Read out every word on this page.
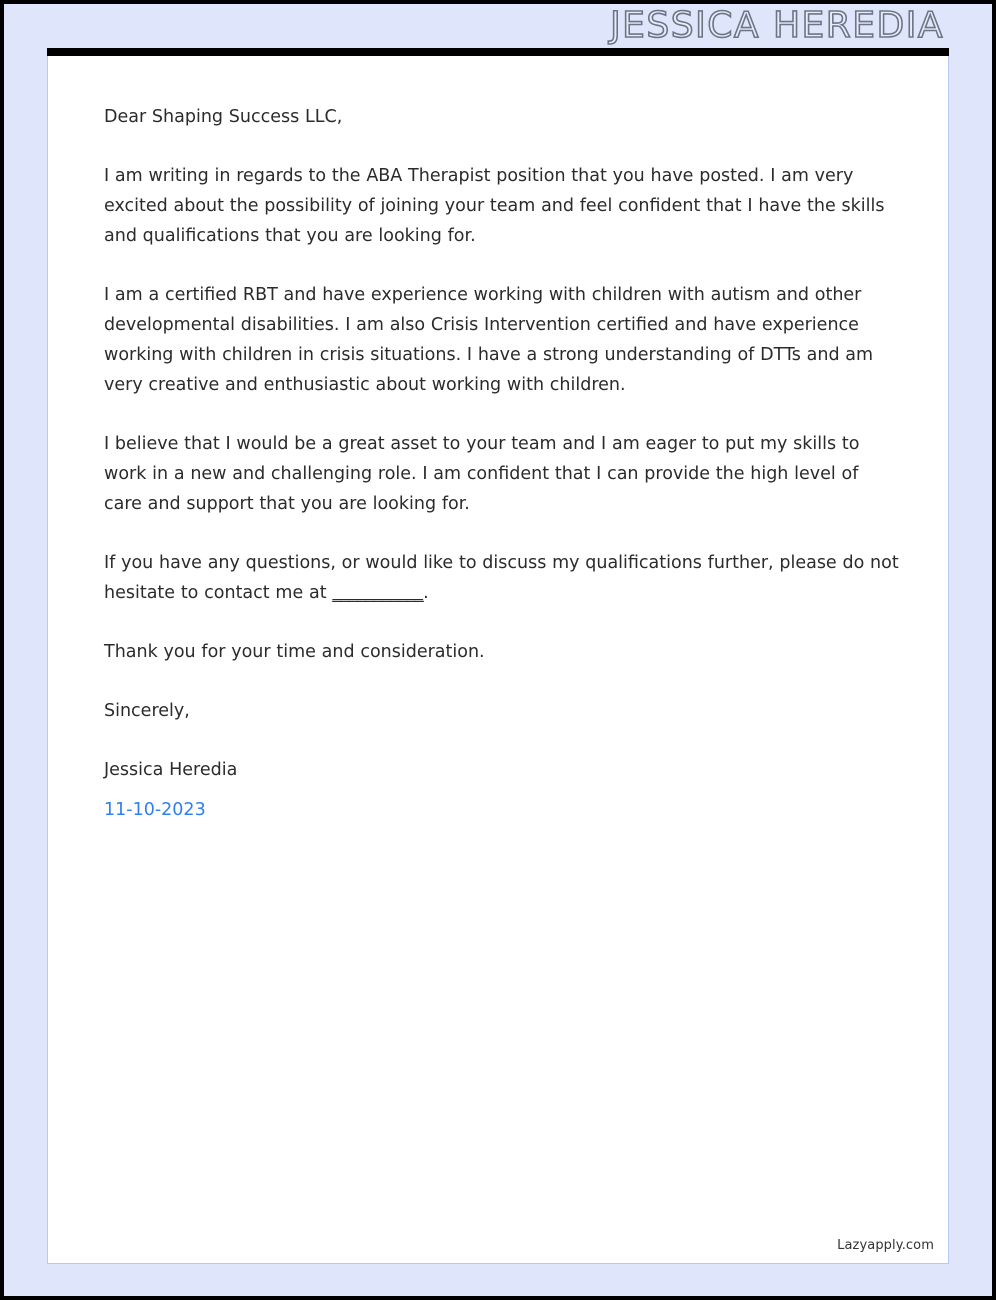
JESSICA HEREDIA

Dear Shaping Success LLC,

I am writing in regards to the ABA Therapist position that you have posted. I am very excited about the possibility of joining your team and feel confident that I have the skills and qualifications that you are looking for.

I am a certified RBT and have experience working with children with autism and other developmental disabilities. I am also Crisis Intervention certified and have experience working with children in crisis situations. I have a strong understanding of DTTs and am very creative and enthusiastic about working with children.

I believe that I would be a great asset to your team and I am eager to put my skills to work in a new and challenging role. I am confident that I can provide the high level of care and support that you are looking for.

If you have any questions, or would like to discuss my qualifications further, please do not hesitate to contact me at ___________.

Thank you for your time and consideration.

Sincerely,

Jessica Heredia

11-10-2023

Lazyapply.com
